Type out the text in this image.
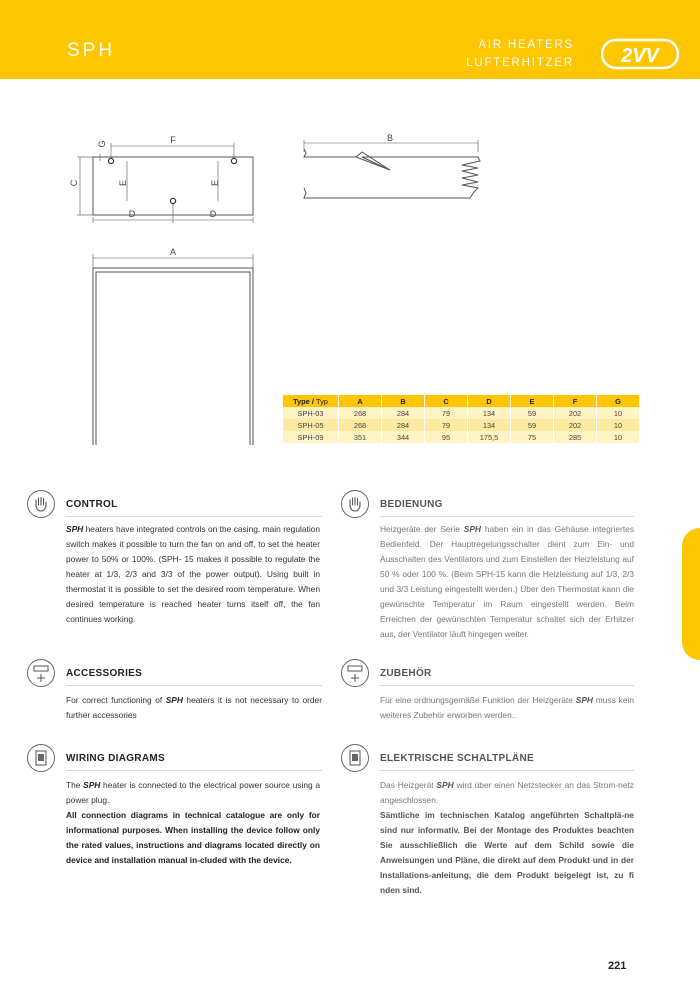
SPH	AIR HEATERS
LUFTERHITZER 2VV
F
G
C	E	E
D	D
B
A
Type / Typ	A	B	C	D	E	F	G
SPH-03	268	284	79	134	59	202	10
SPH-05	268	284	79	134	59	202	10
SPH-09	351	344	95	175,5	75	285	10
CONTROL
SPH heaters have integrated controls on the casing. main regulation switch makes it possible to turn the fan on and off, to set the heater power to 50% or 100%. (SPH- 15 makes it possible to regulate the heater at 1/3, 2/3 and 3/3 of the power output). Using built in thermostat it is possible to set the desired room temperature. When desired temperature is reached heater turns itself off, the fan continues working.
BEDIENUNG
Heizgeräte der Serie SPH haben ein in das Gehäuse integriertes Bedienfeld. Der Hauptregelungsschalter dient zum Ein- und Ausschalten des Ventilators und zum Einstellen der Heizleistung auf 50 % oder 100 %. (Beim SPH-15 kann die Heizleistung auf 1/3, 2/3 und 3/3 Leistung eingestellt werden.) Über den Thermostat kann die gewünschte Temperatur im Raum eingestellt werden. Beim Erreichen der gewünschten Temperatur schaltet sich der Erhitzer aus, der Ventilator läuft hingegen weiter.
ACCESSORIES
For correct functioning of SPH heaters it is not necessary to order further accessories
ZUBEHÖR
Für eine ordnungsgemäße Funktion der Heizgeräte SPH muss kein weiteres Zubehör erworben werden..
WIRING DIAGRAMS
The SPH heater is connected to the electrical power source using a power plug.
All connection diagrams in technical catalogue are only for informational purposes. When installing the device follow only the rated values, instructions and diagrams located directly on device and installation manual in-cluded with the device.
ELEKTRISCHE SCHALTPLÄNE
Das Heizgerät SPH wird über einen Netzstecker an das Strom-netz angeschlossen.
Sämtliche im technischen Katalog angeführten Schaltplä-ne sind nur informativ. Bei der Montage des Produktes beachten Sie ausschließlich die Werte auf dem Schild sowie die Anweisungen und Pläne, die direkt auf dem Produkt und in der Installations-anleitung, die dem Produkt beigelegt ist, zu fi nden sind.
221
